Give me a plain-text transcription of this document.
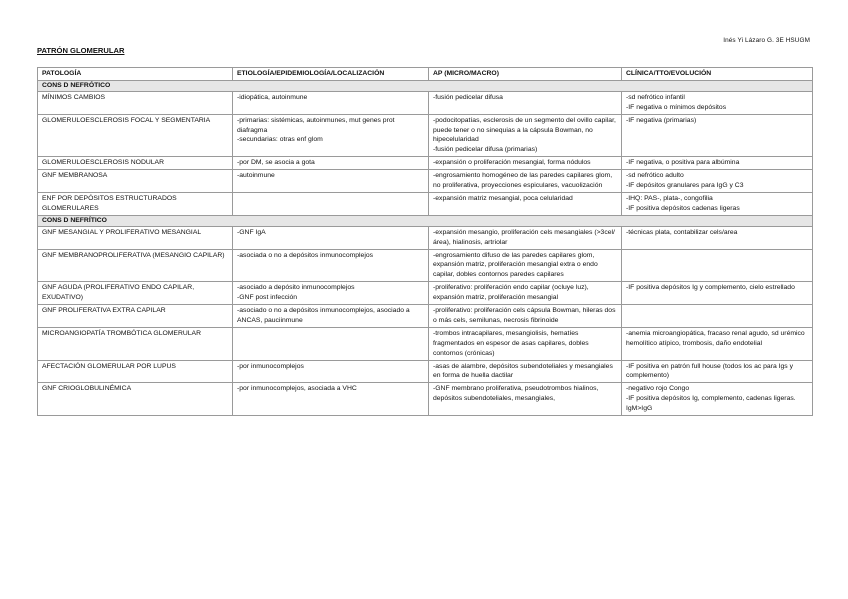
Inés Yi Lázaro G. 3E HSUGM
PATRÓN GLOMERULAR
PATOLOGÍA	ETIOLOGÍA/EPIDEMIOLOGÍA/LOCALIZACIÓN	AP (MICRO/MACRO)	CLÍNICA/TTO/EVOLUCIÓN
CONS D NEFRÓTICO			
MÍNIMOS CAMBIOS	-idiopática, autoinmune	-fusión pedicelar difusa	-sd nefrótico infantil
-IF negativa o mínimos depósitos

GLOMERULOESCLEROSIS FOCAL Y SEGMENTARIA	-primarias: sistémicas, autoinmunes, mut genes prot diafragma
-secundarias: otras enf glom	-podocitopatías, esclerosis de un segmento del ovillo capilar, puede tener o no sinequias a la cápsula Bowman, no hipecelularidad
-fusión pedicelar difusa (primarias)	-IF negativa (primarias)

GLOMERULOESCLEROSIS NODULAR	-por DM, se asocia a gota	-expansión o proliferación mesangial, forma nódulos	-IF negativa, o positiva para albúmina

GNF MEMBRANOSA	-autoinmune	-engrosamiento homogéneo de las paredes capilares glom, no proliferativa, proyecciones espiculares, vacuolización	-sd nefrótico adulto
-IF depósitos granulares para IgG y C3

ENF POR DEPÓSITOS ESTRUCTURADOS GLOMERULARES		-expansión matriz mesangial, poca celularidad	-IHQ: PAS-, plata-, congofilia
-IF positiva depósitos cadenas ligeras

CONS D NEFRÍTICO			
GNF MESANGIAL Y PROLIFERATIVO MESANGIAL	-GNF IgA	-expansión mesangio, proliferación cels mesangiales (>3cel/área), hialinosis, artriolar	-técnicas plata, contabilizar cels/area

GNF MEMBRANOPROLIFERATIVA (MESANGIO CAPILAR)	-asociada o no a depósitos inmunocomplejos	-engrosamiento difuso de las paredes capilares glom, expansión matriz, proliferación mesangial extra o endo capilar, dobles contornos paredes capilares	

GNF AGUDA (PROLIFERATIVO ENDO CAPILAR, EXUDATIVO)	-asociado a depósito inmunocomplejos
-GNF post infección	-proliferativo: proliferación endo capilar (ocluye luz), expansión matriz, proliferación mesangial	-IF positiva depósitos Ig y complemento, cielo estrellado

GNF PROLIFERATIVA EXTRA CAPILAR	-asociado o no a depósitos inmunocomplejos, asociado a ANCAS, pauciinmune	-proliferativo: proliferación cels cápsula Bowman, hileras dos o más cels, semilunas, necrosis fibrinoide	

MICROANGIOPATÍA TROMBÓTICA GLOMERULAR		-trombos intracapilares, mesangiolisis, hematíes fragmentados en espesor de asas capilares, dobles contornos (crónicas)	-anemia microangiopática, fracaso renal agudo, sd urémico hemolítico atípico, trombosis, daño endotelial

AFECTACIÓN GLOMERULAR POR LUPUS	-por inmunocomplejos	-asas de alambre, depósitos subendoteliales y mesangiales en forma de huella dactilar	-IF positiva en patrón full house (todos los ac para Igs y complemento)

GNF CRIOGLOBULINÉMICA	-por inmunocomplejos, asociada a VHC	-GNF membrano proliferativa, pseudotrombos hialinos, depósitos subendoteliales, mesangiales,	-negativo rojo Congo
-IF positiva depósitos Ig, complemento, cadenas ligeras. IgM>IgG
